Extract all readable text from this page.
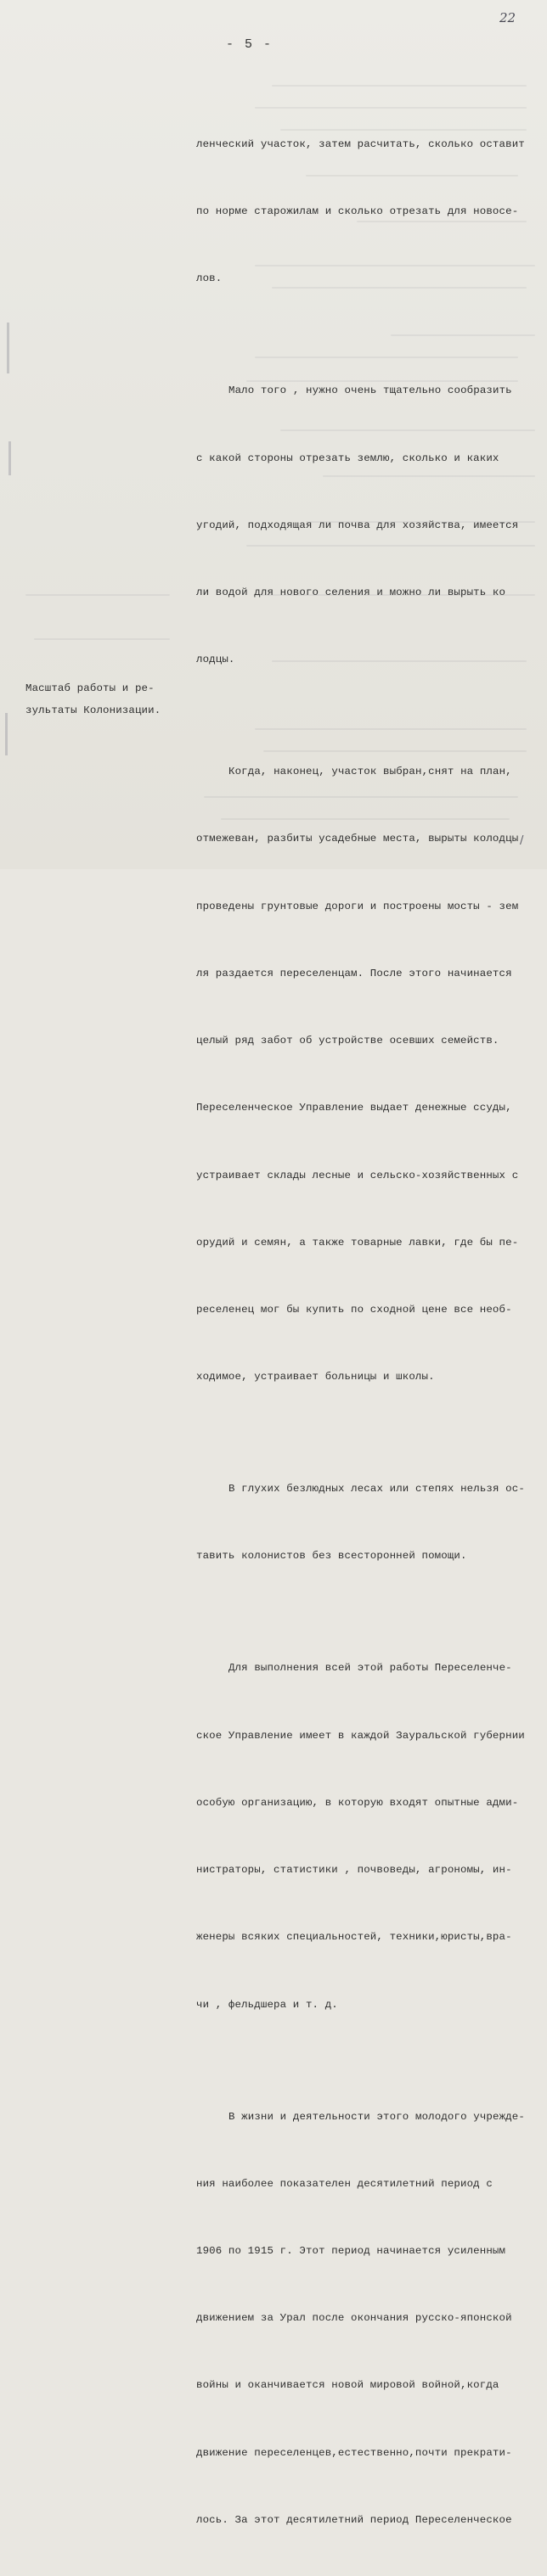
22
- 5 -

ленческий участок, затем расчитать, сколько оставит

по норме старожилам и сколько отрезать для новосе-

лов.

Мало того , нужно очень тщательно сообразить

с какой стороны отрезать землю, сколько и каких

угодий, подходящая ли почва для хозяйства, имеется

ли водой для нового селения и можно ли вырыть ко

лодцы.

Когда, наконец, участок выбран,снят на план,

отмежеван, разбиты усадебные места, вырыты колодцы

проведены грунтовые дороги и построены мосты - зем

ля раздается переселенцам. После этого начинается

целый ряд забот об устройстве осевших семейств.

Переселенческое Управление выдает денежные ссуды,

устраивает склады лесные и сельско-хозяйственных с

орудий и семян, а также товарные лавки, где бы пе-

реселенец мог бы купить по сходной цене все необ-

ходимое, устраивает больницы и школы.

В глухих безлюдных лесах или степях нельзя ос-

тавить колонистов без всесторонней помощи.

Для выполнения всей этой работы Переселенче-

ское Управление имеет в каждой Зауральской губернии

особую организацию, в которую входят опытные адми-

нистраторы, статистики , почвоведы, агрономы, ин-

женеры всяких специальностей, техники,юристы,вра-

чи , фельдшера и т. д.

В жизни и деятельности этого молодого учрежде-

ния наиболее показателен десятилетний период с

1906 по 1915 г. Этот период начинается усиленным

движением за Урал после окончания русско-японской

войны и оканчивается новой мировой войной,когда

движение переселенцев,естественно,почти прекрати-

лось. За этот десятилетний период Переселенческое

Масштаб работы и ре-
зультаты Колонизации.
/
